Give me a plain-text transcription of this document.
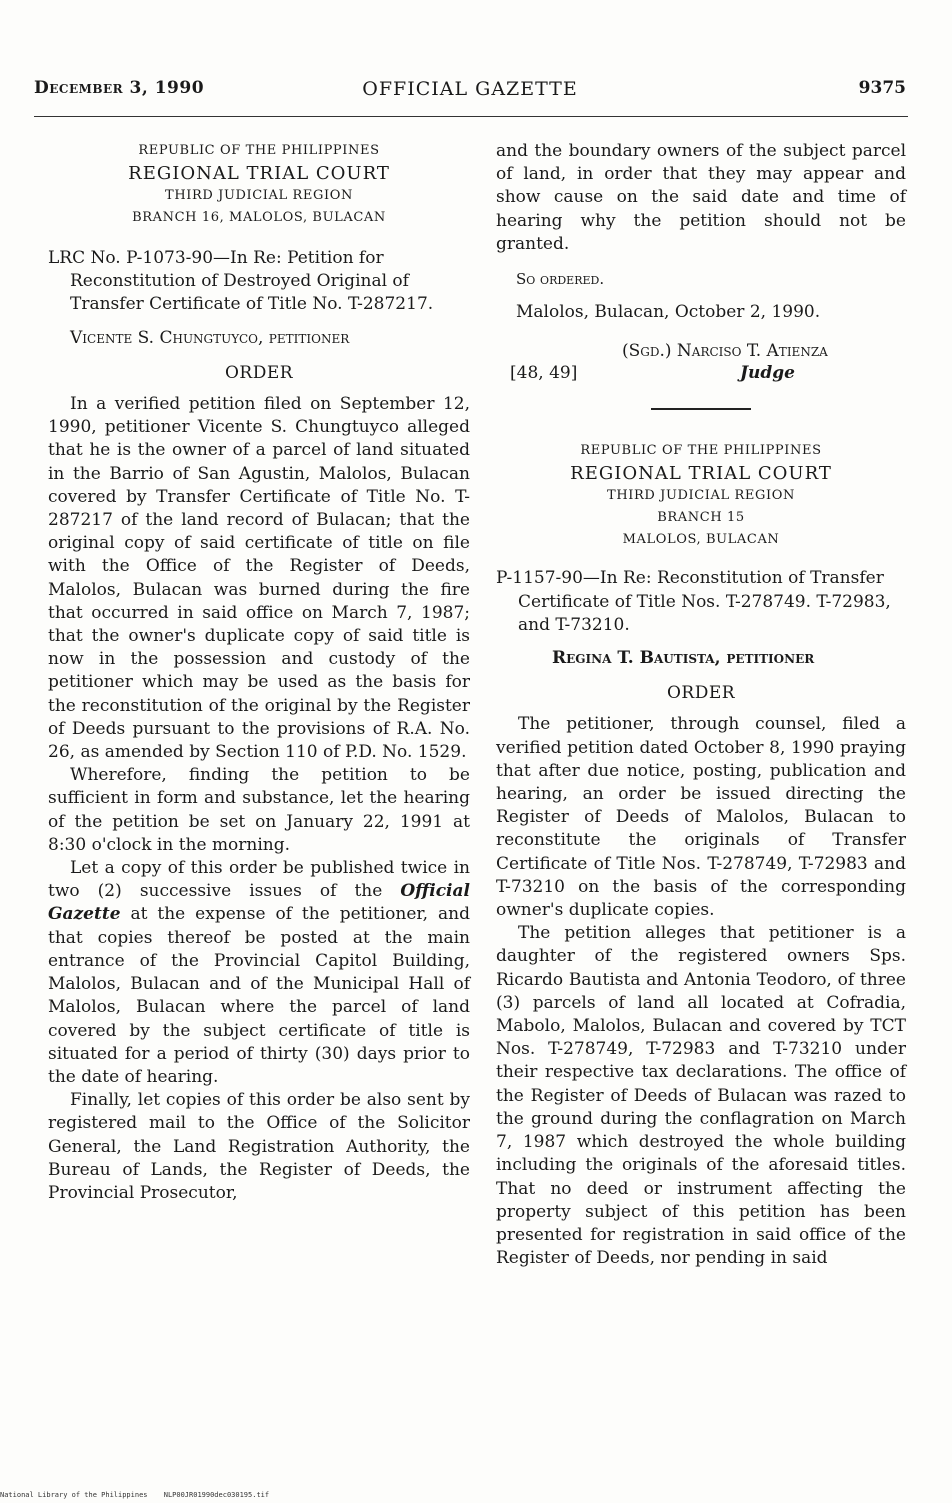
December 3, 1990	OFFICIAL GAZETTE	9375
REPUBLIC OF THE PHILIPPINES
REGIONAL TRIAL COURT
THIRD JUDICIAL REGION
BRANCH 16, MALOLOS, BULACAN

LRC No. P-1073-90—In Re: Petition for Reconstitution of Destroyed Original of Transfer Certificate of Title No. T-287217.

Vicente S. Chungtuyco, petitioner

ORDER

In a verified petition filed on September 12, 1990, petitioner Vicente S. Chungtuyco alleged that he is the owner of a parcel of land situated in the Barrio of San Agustin, Malolos, Bulacan covered by Transfer Certificate of Title No. T-287217 of the land record of Bulacan; that the original copy of said certificate of title on file with the Office of the Register of Deeds, Malolos, Bulacan was burned during the fire that occurred in said office on March 7, 1987; that the owner's duplicate copy of said title is now in the possession and custody of the petitioner which may be used as the basis for the reconstitution of the original by the Register of Deeds pursuant to the provisions of R.A. No. 26, as amended by Section 110 of P.D. No. 1529.

Wherefore, finding the petition to be sufficient in form and substance, let the hearing of the petition be set on January 22, 1991 at 8:30 o'clock in the morning.

Let a copy of this order be published twice in two (2) successive issues of the Official Gazette at the expense of the petitioner, and that copies thereof be posted at the main entrance of the Provincial Capitol Building, Malolos, Bulacan and of the Municipal Hall of Malolos, Bulacan where the parcel of land covered by the subject certificate of title is situated for a period of thirty (30) days prior to the date of hearing.

Finally, let copies of this order be also sent by registered mail to the Office of the Solicitor General, the Land Registration Authority, the Bureau of Lands, the Register of Deeds, the Provincial Prosecutor,

and the boundary owners of the subject parcel of land, in order that they may appear and show cause on the said date and time of hearing why the petition should not be granted.

So ordered.

Malolos, Bulacan, October 2, 1990.

[48, 49]
(Sgd.) Narciso T. Atienza
Judge
REPUBLIC OF THE PHILIPPINES
REGIONAL TRIAL COURT
THIRD JUDICIAL REGION
BRANCH 15
MALOLOS, BULACAN

P-1157-90—In Re: Reconstitution of Transfer Certificate of Title Nos. T-278749. T-72983, and T-73210.

Regina T. Bautista, petitioner

ORDER

The petitioner, through counsel, filed a verified petition dated October 8, 1990 praying that after due notice, posting, publication and hearing, an order be issued directing the Register of Deeds of Malolos, Bulacan to reconstitute the originals of Transfer Certificate of Title Nos. T-278749, T-72983 and T-73210 on the basis of the corresponding owner's duplicate copies.

The petition alleges that petitioner is a daughter of the registered owners Sps. Ricardo Bautista and Antonia Teodoro, of three (3) parcels of land all located at Cofradia, Mabolo, Malolos, Bulacan and covered by TCT Nos. T-278749, T-72983 and T-73210 under their respective tax declarations. The office of the Register of Deeds of Bulacan was razed to the ground during the conflagration on March 7, 1987 which destroyed the whole building including the originals of the aforesaid titles. That no deed or instrument affecting the property subject of this petition has been presented for registration in said office of the Register of Deeds, nor pending in said

National Library of the Philippines NLP00JR01990dec030195.tif
